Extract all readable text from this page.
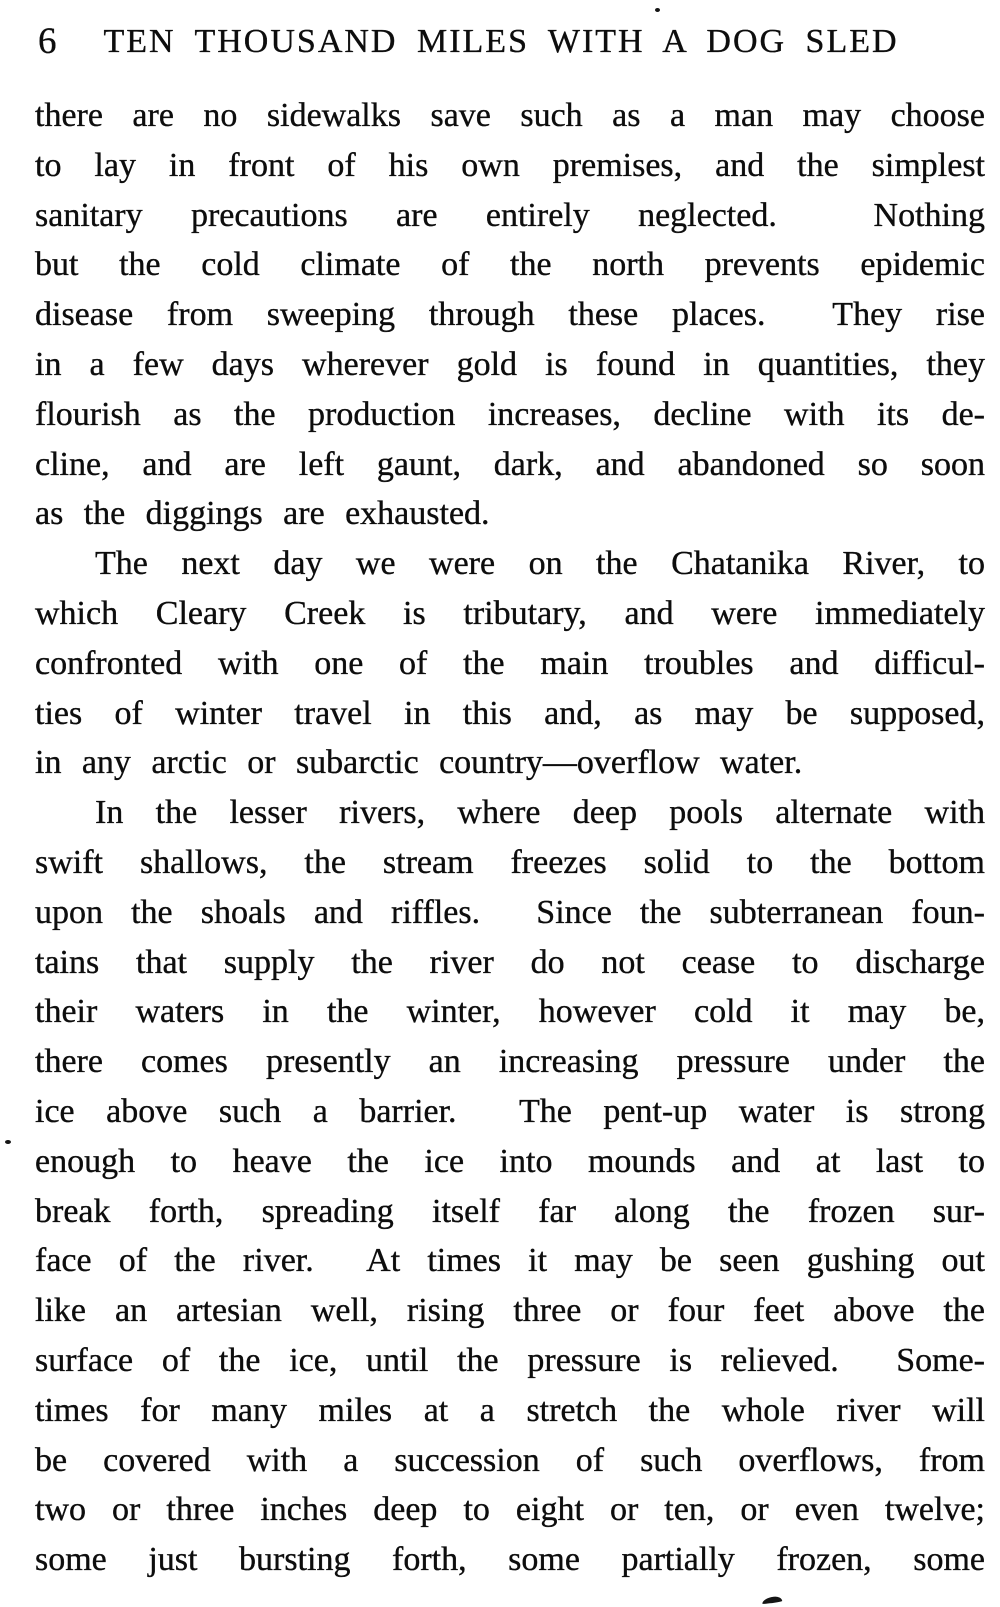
6 TEN THOUSAND MILES WITH A DOG SLED
there are no sidewalks save such as a man may choose
to lay in front of his own premises, and the simplest
sanitary precautions are entirely neglected.  Nothing
but the cold climate of the north prevents epidemic
disease from sweeping through these places.  They rise
in a few days wherever gold is found in quantities, they
flourish as the production increases, decline with its de-
cline, and are left gaunt, dark, and abandoned so soon
as the diggings are exhausted.
The next day we were on the Chatanika River, to
which Cleary Creek is tributary, and were immediately
confronted with one of the main troubles and difficul-
ties of winter travel in this and, as may be supposed,
in any arctic or subarctic country—overflow water.
In the lesser rivers, where deep pools alternate with
swift shallows, the stream freezes solid to the bottom
upon the shoals and riffles.  Since the subterranean foun-
tains that supply the river do not cease to discharge
their waters in the winter, however cold it may be,
there comes presently an increasing pressure under the
ice above such a barrier.  The pent-up water is strong
enough to heave the ice into mounds and at last to
break forth, spreading itself far along the frozen sur-
face of the river.  At times it may be seen gushing out
like an artesian well, rising three or four feet above the
surface of the ice, until the pressure is relieved.  Some-
times for many miles at a stretch the whole river will
be covered with a succession of such overflows, from
two or three inches deep to eight or ten, or even twelve;
some just bursting forth, some partially frozen, some
